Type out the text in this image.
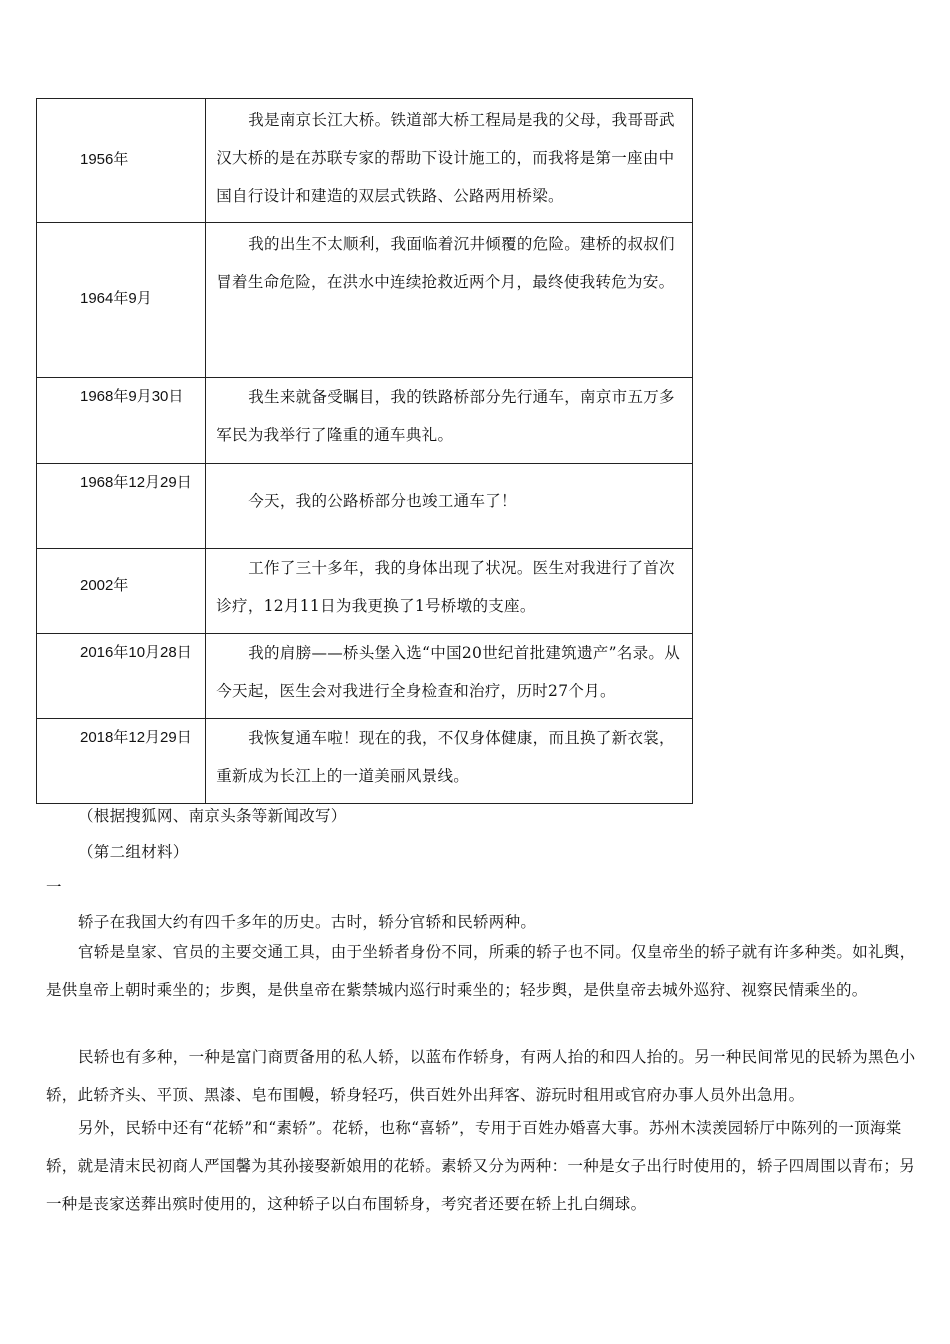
1956年	我是南京长江大桥。铁道部大桥工程局是我的父母，我哥哥武汉大桥的是在苏联专家的帮助下设计施工的，而我将是第一座由中国自行设计和建造的双层式铁路、公路两用桥梁。

1964年9月	我的出生不太顺利，我面临着沉井倾覆的危险。建桥的叔叔们冒着生命危险，在洪水中连续抢救近两个月，最终使我转危为安。

1968年9月30日	我生来就备受瞩目，我的铁路桥部分先行通车，南京市五万多军民为我举行了隆重的通车典礼。

1968年12月29日	今天，我的公路桥部分也竣工通车了！

2002年	工作了三十多年，我的身体出现了状况。医生对我进行了首次诊疗，12月11日为我更换了1号桥墩的支座。

2016年10月28日	我的肩膀——桥头堡入选“中国20世纪首批建筑遗产”名录。从今天起，医生会对我进行全身检查和治疗，历时27个月。

2018年12月29日	我恢复通车啦！现在的我，不仅身体健康，而且换了新衣裳，重新成为长江上的一道美丽风景线。
（根据搜狐网、南京头条等新闻改写）
（第二组材料）
一
轿子在我国大约有四千多年的历史。古时，轿分官轿和民轿两种。
官轿是皇家、官员的主要交通工具，由于坐轿者身份不同，所乘的轿子也不同。仅皇帝坐的轿子就有许多种类。如礼舆，是供皇帝上朝时乘坐的；步舆，是供皇帝在紫禁城内巡行时乘坐的；轻步舆，是供皇帝去城外巡狩、视察民情乘坐的。
民轿也有多种，一种是富门商贾备用的私人轿，以蓝布作轿身，有两人抬的和四人抬的。另一种民间常见的民轿为黑色小轿，此轿齐头、平顶、黑漆、皂布围幔，轿身轻巧，供百姓外出拜客、游玩时租用或官府办事人员外出急用。
另外，民轿中还有“花轿”和“素轿”。花轿，也称“喜轿”，专用于百姓办婚喜大事。苏州木渎羡园轿厅中陈列的一顶海棠轿，就是清末民初商人严国馨为其孙接娶新娘用的花轿。素轿又分为两种：一种是女子出行时使用的，轿子四周围以青布；另一种是丧家送葬出殡时使用的，这种轿子以白布围轿身，考究者还要在轿上扎白绸球。
